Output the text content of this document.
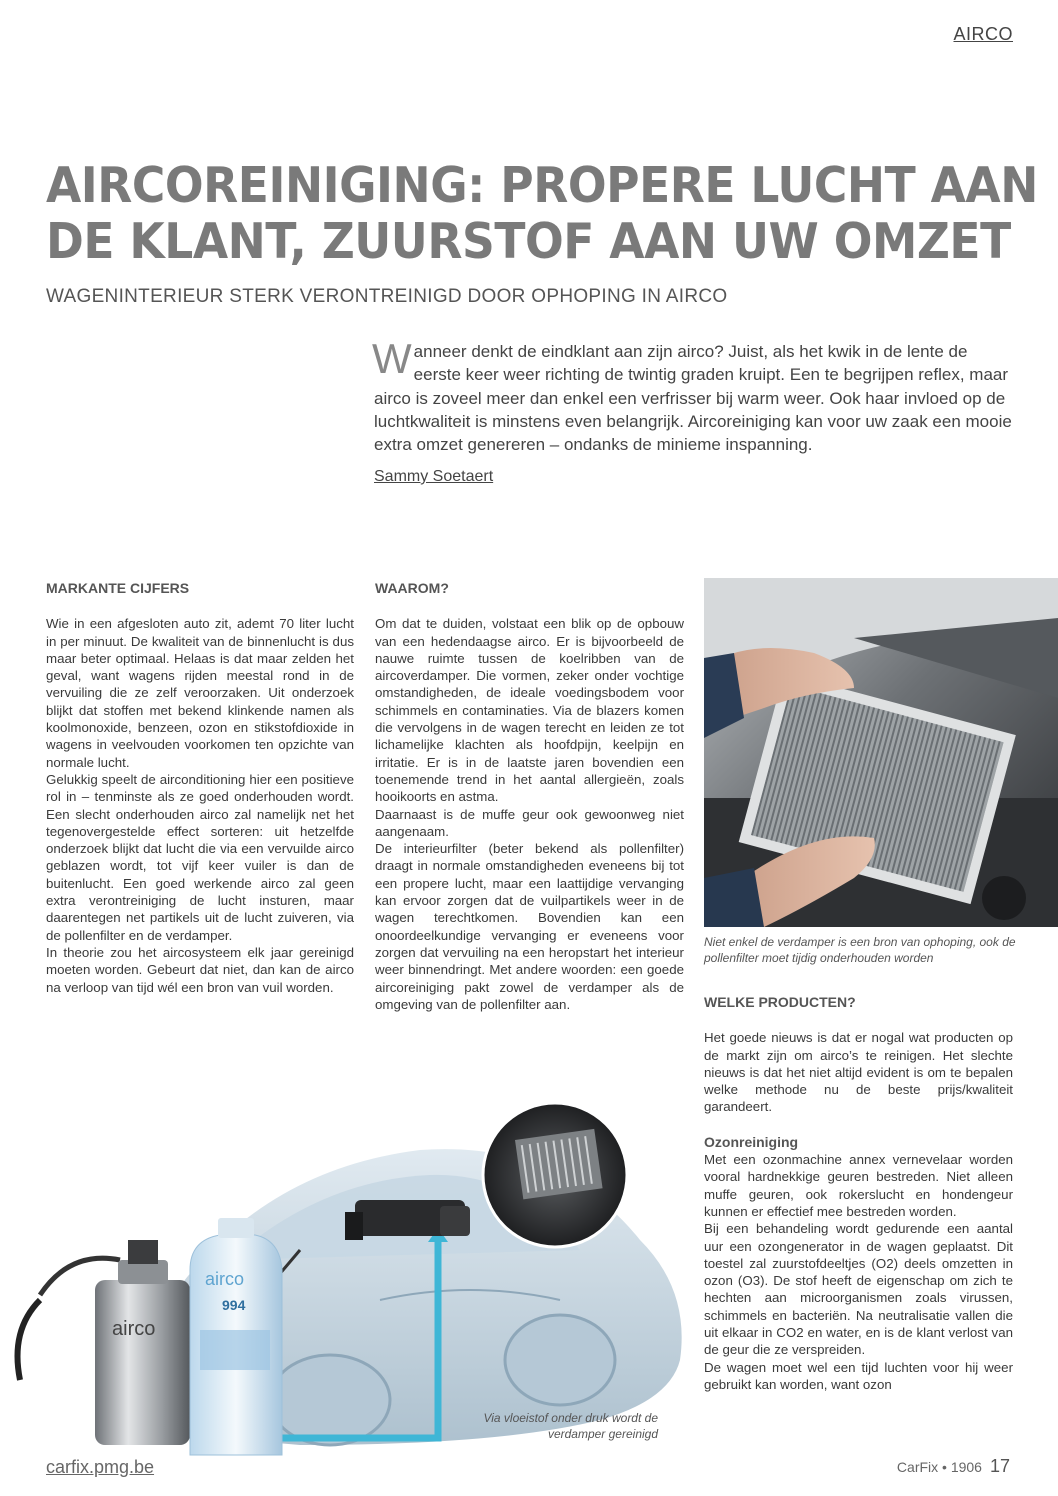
AIRCO
AIRCOREINIGING: PROPERE LUCHT AAN
DE KLANT, ZUURSTOF AAN UW OMZET
WAGENINTERIEUR STERK VERONTREINIGD DOOR OPHOPING IN AIRCO
Wanneer denkt de eindklant aan zijn airco? Juist, als het kwik in de lente de eerste keer weer richting de twintig graden kruipt. Een te begrijpen reflex, maar airco is zoveel meer dan enkel een verfrisser bij warm weer. Ook haar invloed op de luchtkwaliteit is minstens even belangrijk. Aircoreiniging kan voor uw zaak een mooie extra omzet genereren – ondanks de minieme inspanning.
Sammy Soetaert
MARKANTE CIJFERS

Wie in een afgesloten auto zit, ademt 70 liter lucht in per minuut. De kwaliteit van de binnenlucht is dus maar beter optimaal. Helaas is dat maar zelden het geval, want wagens rijden meestal rond in de vervuiling die ze zelf veroorzaken. Uit onderzoek blijkt dat stoffen met bekend klinkende namen als koolmonoxide, benzeen, ozon en stikstofdioxide in wagens in veelvouden voorkomen ten opzichte van normale lucht.

Gelukkig speelt de airconditioning hier een positieve rol in – tenminste als ze goed onderhouden wordt. Een slecht onderhouden airco zal namelijk net het tegenovergestelde effect sorteren: uit hetzelfde onderzoek blijkt dat lucht die via een vervuilde airco geblazen wordt, tot vijf keer vuiler is dan de buitenlucht. Een goed werkende airco zal geen extra verontreiniging de lucht insturen, maar daarentegen net partikels uit de lucht zuiveren, via de pollenfilter en de verdamper.

In theorie zou het aircosysteem elk jaar gereinigd moeten worden. Gebeurt dat niet, dan kan de airco na verloop van tijd wél een bron van vuil worden.

WAAROM?

Om dat te duiden, volstaat een blik op de opbouw van een hedendaagse airco. Er is bijvoorbeeld de nauwe ruimte tussen de koelribben van de aircoverdamper. Die vormen, zeker onder vochtige omstandigheden, de ideale voedingsbodem voor schimmels en contaminaties. Via de blazers komen die vervolgens in de wagen terecht en leiden ze tot lichamelijke klachten als hoofdpijn, keelpijn en irritatie. Er is in de laatste jaren bovendien een toenemende trend in het aantal allergieën, zoals hooikoorts en astma.

Daarnaast is de muffe geur ook gewoonweg niet aangenaam.

De interieurfilter (beter bekend als pollenfilter) draagt in normale omstandigheden eveneens bij tot een propere lucht, maar een laattijdige vervanging kan ervoor zorgen dat de vuilpartikels weer in de wagen terechtkomen. Bovendien kan een onoordeelkundige vervanging er eveneens voor zorgen dat vervuiling na een heropstart het interieur weer binnendringt. Met andere woorden: een goede aircoreiniging pakt zowel de verdamper als de omgeving van de pollenfilter aan.

Niet enkel de verdamper is een bron van ophoping, ook de pollenfilter moet tijdig onderhouden worden
WELKE PRODUCTEN?

Het goede nieuws is dat er nogal wat producten op de markt zijn om airco’s te reinigen. Het slechte nieuws is dat het niet altijd evident is om te bepalen welke methode nu de beste prijs/kwaliteit garandeert.

Ozonreiniging

Met een ozonmachine annex vernevelaar worden vooral hardnekkige geuren bestreden. Niet alleen muffe geuren, ook rokerslucht en hondengeur kunnen er effectief mee bestreden worden.

Bij een behandeling wordt gedurende een aantal uur een ozongenerator in de wagen geplaatst. Dit toestel zal zuurstofdeeltjes (O2) deels omzetten in ozon (O3). De stof heeft de eigenschap om zich te hechten aan microorganismen zoals virussen, schimmels en bacteriën. Na neutralisatie vallen die uit elkaar in CO2 en water, en is de klant verlost van de geur die ze verspreiden.

De wagen moet wel een tijd luchten voor hij weer gebruikt kan worden, want ozon

airco
airco
994
Via vloeistof onder druk wordt de verdamper gereinigd
carfix.pmg.be	CarFix • 1906 17
